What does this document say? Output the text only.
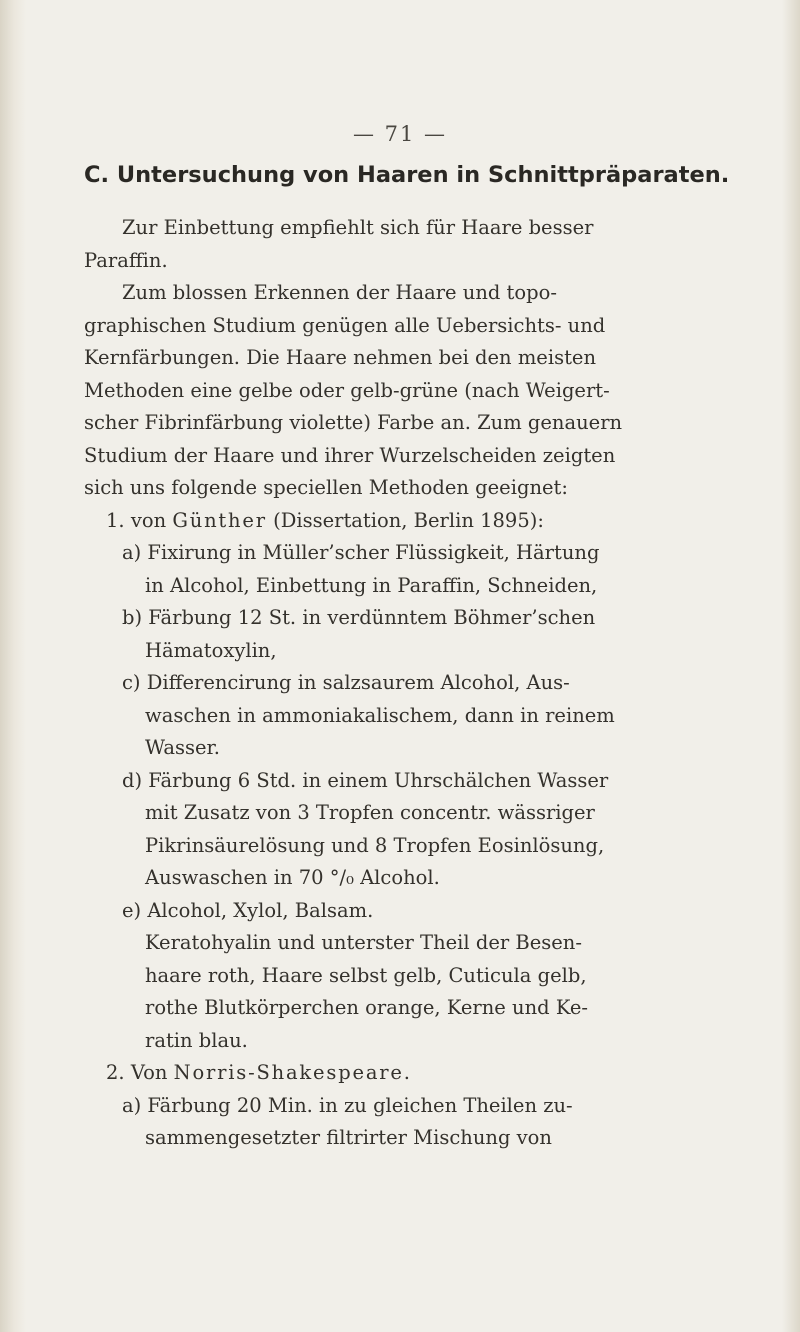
— 71 —
C. Untersuchung von Haaren in Schnittpräparaten.
Zur Einbettung empfiehlt sich für Haare besser
Paraffin.
Zum blossen Erkennen der Haare und topo-
graphischen Studium genügen alle Uebersichts- und
Kernfärbungen. Die Haare nehmen bei den meisten
Methoden eine gelbe oder gelb-grüne (nach Weigert-
scher Fibrinfärbung violette) Farbe an. Zum genauern
Studium der Haare und ihrer Wurzelscheiden zeigten
sich uns folgende speciellen Methoden geeignet:
1. von Günther (Dissertation, Berlin 1895):
a) Fixirung in Müller’scher Flüssigkeit, Härtung
in Alcohol, Einbettung in Paraffin, Schneiden,
b) Färbung 12 St. in verdünntem Böhmer’schen
Hämatoxylin,
c) Differencirung in salzsaurem Alcohol, Aus-
waschen in ammoniakalischem, dann in reinem
Wasser.
d) Färbung 6 Std. in einem Uhrschälchen Wasser
mit Zusatz von 3 Tropfen concentr. wässriger
Pikrinsäurelösung und 8 Tropfen Eosinlösung,
Auswaschen in 70 °/₀ Alcohol.
e) Alcohol, Xylol, Balsam.
Keratohyalin und unterster Theil der Besen-
haare roth, Haare selbst gelb, Cuticula gelb,
rothe Blutkörperchen orange, Kerne und Ke-
ratin blau.
2. Von Norris-Shakespeare.
a) Färbung 20 Min. in zu gleichen Theilen zu-
sammengesetzter filtrirter Mischung von
